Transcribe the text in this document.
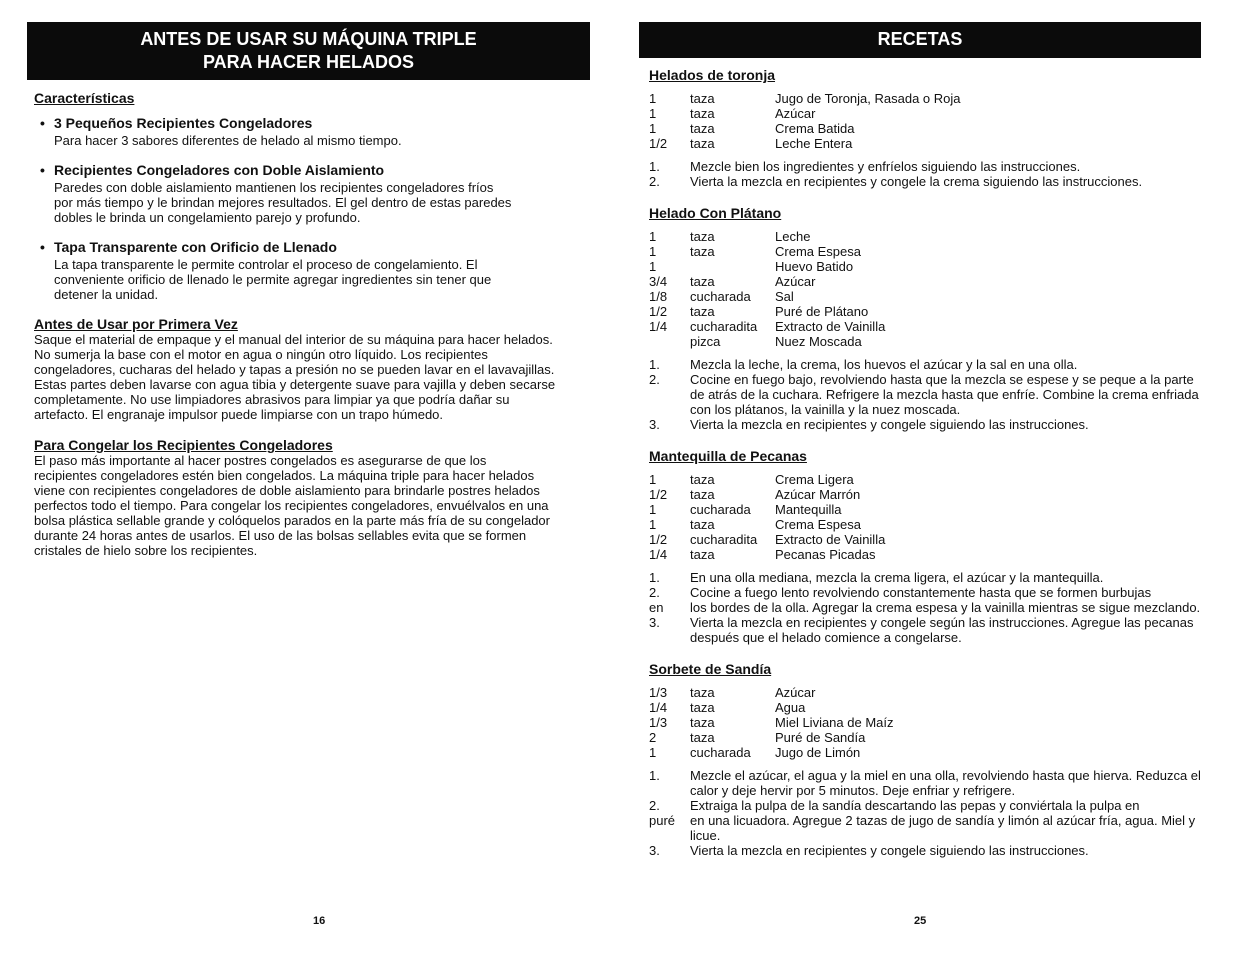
ANTES DE USAR SU MÁQUINA TRIPLE
PARA HACER HELADOS
Características
• 3 Pequeños Recipientes Congeladores
Para hacer 3 sabores diferentes de helado al mismo tiempo.
• Recipientes Congeladores con Doble Aislamiento
Paredes con doble aislamiento mantienen los recipientes congeladores fríos por más tiempo y le brindan mejores resultados. El gel dentro de estas paredes dobles le brinda un congelamiento parejo y profundo.
• Tapa Transparente con Orificio de Llenado
La tapa transparente le permite controlar el proceso de congelamiento. El conveniente orificio de llenado le permite agregar ingredientes sin tener que detener la unidad.
Antes de Usar por Primera Vez
Saque el material de empaque y el manual del interior de su máquina para hacer helados. No sumerja la base con el motor en agua o ningún otro líquido. Los recipientes congeladores, cucharas del helado y tapas a presión no se pueden lavar en el lavavajillas. Estas partes deben lavarse con agua tibia y detergente suave para vajilla y deben secarse completamente. No use limpiadores abrasivos para limpiar ya que podría dañar su artefacto. El engranaje impulsor puede limpiarse con un trapo húmedo.
Para Congelar los Recipientes Congeladores
El paso más importante al hacer postres congelados es asegurarse de que los recipientes congeladores estén bien congelados. La máquina triple para hacer helados viene con recipientes congeladores de doble aislamiento para brindarle postres helados perfectos todo el tiempo. Para congelar los recipientes congeladores, envuélvalos en una bolsa plástica sellable grande y colóquelos parados en la parte más fría de su congelador durante 24 horas antes de usarlos. El uso de las bolsas sellables evita que se formen cristales de hielo sobre los recipientes.
16
RECETAS
Helados de toronja
1	taza	Jugo de Toronja, Rasada o Roja
1	taza	Azúcar
1	taza	Crema Batida
1/2	taza	Leche Entera
1.	Mezcle bien los ingredientes y enfríelos siguiendo las instrucciones.
2.	Vierta la mezcla en recipientes y congele la crema siguiendo las instrucciones.
Helado Con Plátano
1	taza	Leche
1	taza	Crema Espesa
1	Huevo Batido
3/4	taza	Azúcar
1/8	cucharada	Sal
1/2	taza	Puré de Plátano
1/4	cucharadita	Extracto de Vainilla
pizca	Nuez Moscada
1.	Mezcla la leche, la crema, los huevos el azúcar y la sal en una olla.
2.	Cocine en fuego bajo, revolviendo hasta que la mezcla se espese y se peque a la parte de atrás de la cuchara. Refrigere la mezcla hasta que enfríe. Combine la crema enfriada con los plátanos, la vainilla y la nuez moscada.
3.	Vierta la mezcla en recipientes y congele siguiendo las instrucciones.
Mantequilla de Pecanas
1	taza	Crema Ligera
1/2	taza	Azúcar Marrón
1	cucharada	Mantequilla
1	taza	Crema Espesa
1/2	cucharadita	Extracto de Vainilla
1/4	taza	Pecanas Picadas
1.	En una olla mediana, mezcla la crema ligera, el azúcar y la mantequilla.
2.	Cocine a fuego lento revolviendo constantemente hasta que se formen burbujas
en	los bordes de la olla. Agregar la crema espesa y la vainilla mientras se sigue mezclando.
3.	Vierta la mezcla en recipientes y congele según las instrucciones. Agregue las pecanas después que el helado comience a congelarse.
Sorbete de Sandía
1/3	taza	Azúcar
1/4	taza	Agua
1/3	taza	Miel Liviana de Maíz
2	taza	Puré de Sandía
1	cucharada	Jugo de Limón
1.	Mezcle el azúcar, el agua y la miel en una olla, revolviendo hasta que hierva. Reduzca el calor y deje hervir por 5 minutos. Deje enfriar y refrigere.
2.	Extraiga la pulpa de la sandía descartando las pepas y conviértala la pulpa en
puré	en una licuadora. Agregue 2 tazas de jugo de sandía y limón al azúcar fría, agua. Miel y licue.
3.	Vierta la mezcla en recipientes y congele siguiendo las instrucciones.
25
